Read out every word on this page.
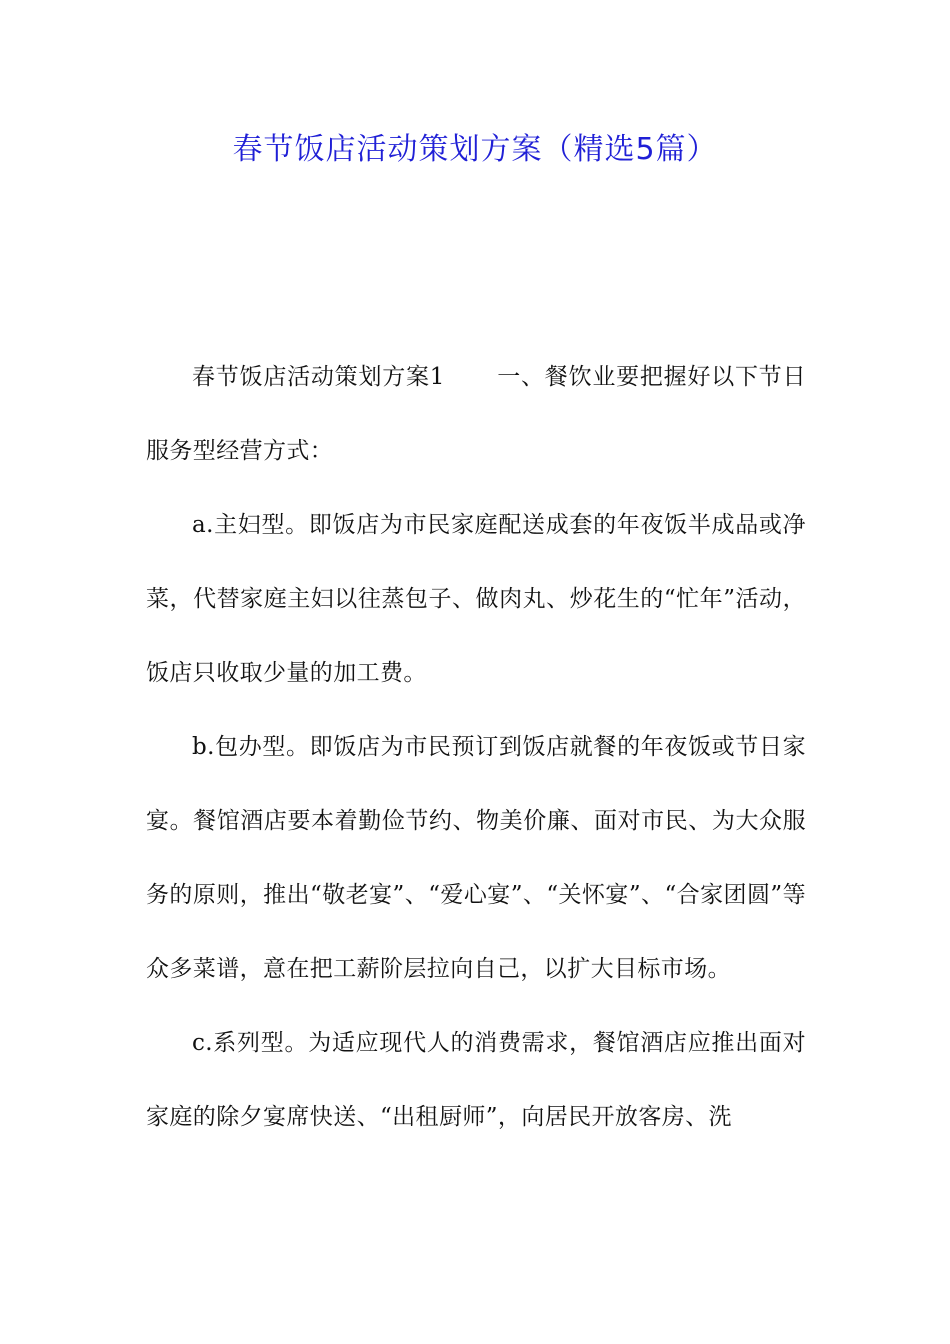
春节饭店活动策划方案（精选5篇）

春节饭店活动策划方案1 一、餐饮业要把握好以下节日服务型经营方式：

a.主妇型。即饭店为市民家庭配送成套的年夜饭半成品或净菜，代替家庭主妇以往蒸包子、做肉丸、炒花生的“忙年”活动，饭店只收取少量的加工费。

b.包办型。即饭店为市民预订到饭店就餐的年夜饭或节日家宴。餐馆酒店要本着勤俭节约、物美价廉、面对市民、为大众服务的原则，推出“敬老宴”、“爱心宴”、“关怀宴”、“合家团圆”等众多菜谱，意在把工薪阶层拉向自己，以扩大目标市场。

c.系列型。为适应现代人的消费需求，餐馆酒店应推出面对家庭的除夕宴席快送、“出租厨师”，向居民开放客房、洗
